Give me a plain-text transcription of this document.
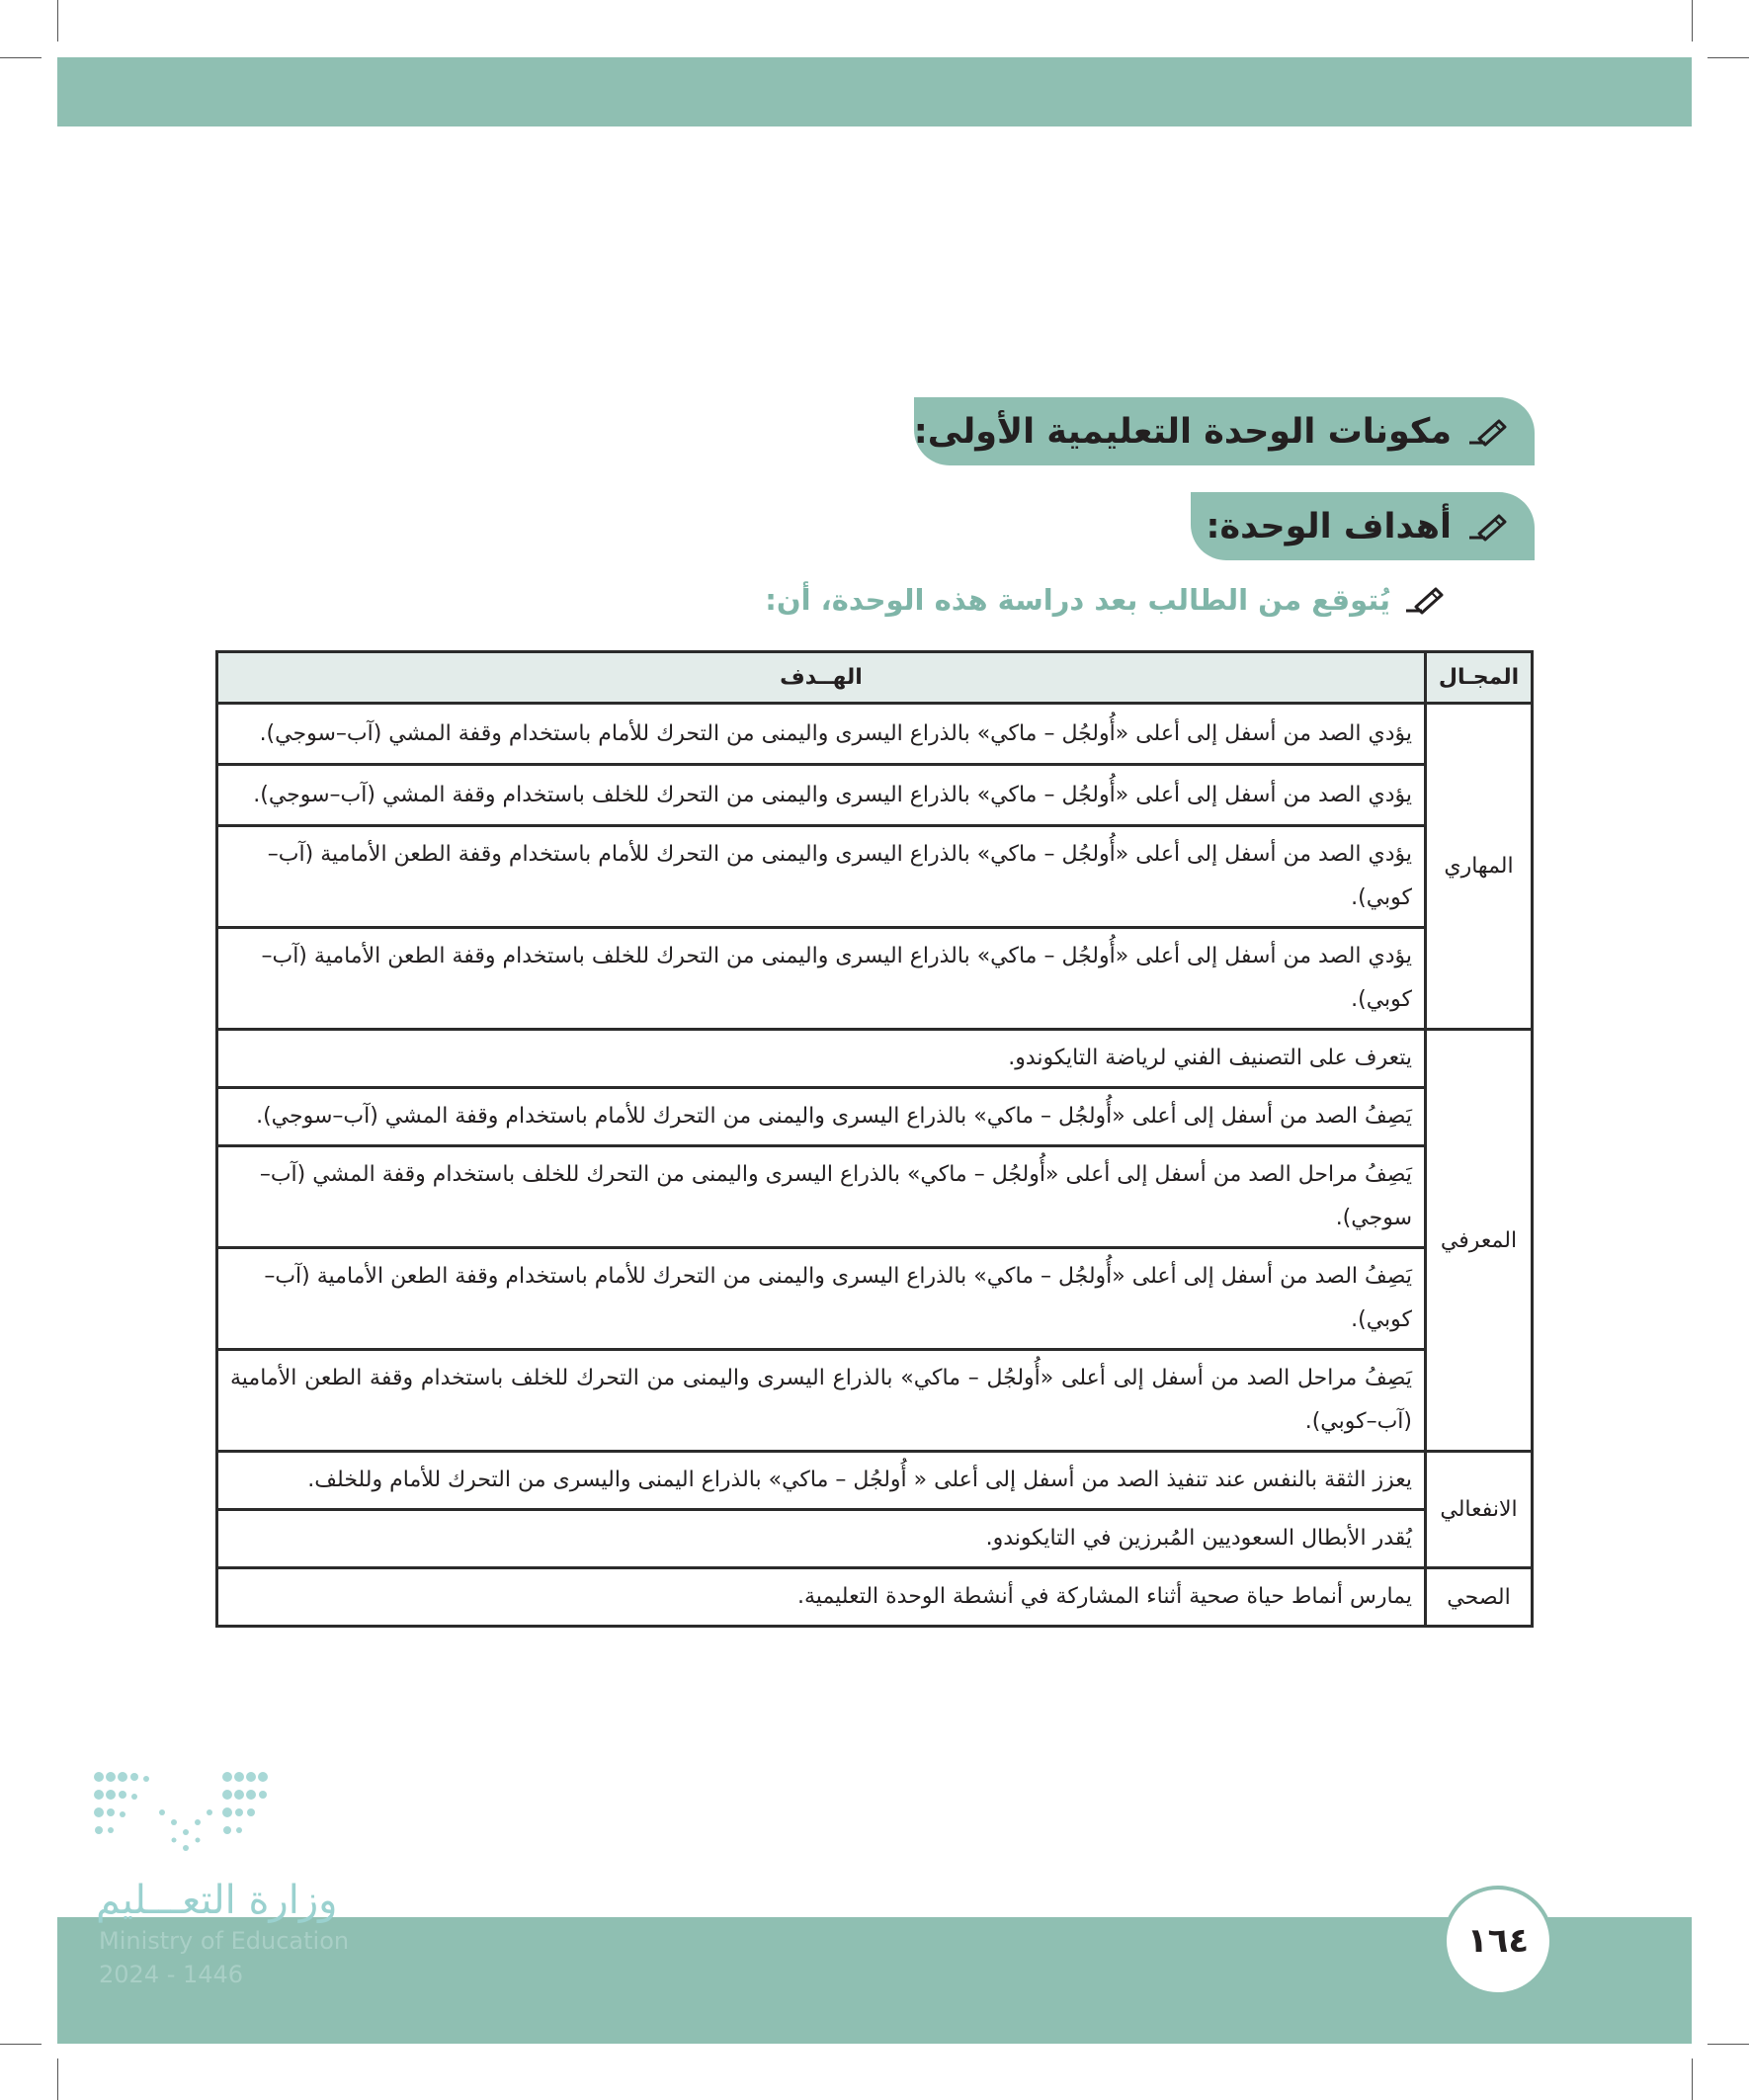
مكونات الوحدة التعليمية الأولى:
أهداف الوحدة:
يُتوقع من الطالب بعد دراسة هذه الوحدة، أن:
المجـال	الهــدف
المهاري	يؤدي الصد من أسفل إلى أعلى «أُولجُل – ماكي» بالذراع اليسرى واليمنى من التحرك للأمام باستخدام وقفة المشي (آب–سوجي).
	يؤدي الصد من أسفل إلى أعلى «أُولجُل – ماكي» بالذراع اليسرى واليمنى من التحرك للخلف باستخدام وقفة المشي (آب–سوجي).
	يؤدي الصد من أسفل إلى أعلى «أُولجُل – ماكي» بالذراع اليسرى واليمنى من التحرك للأمام باستخدام وقفة الطعن الأمامية (آب–كوبي).
	يؤدي الصد من أسفل إلى أعلى «أُولجُل – ماكي» بالذراع اليسرى واليمنى من التحرك للخلف باستخدام وقفة الطعن الأمامية (آب–كوبي).
المعرفي	يتعرف على التصنيف الفني لرياضة التايكوندو.
	يَصِفُ الصد من أسفل إلى أعلى «أُولجُل – ماكي» بالذراع اليسرى واليمنى من التحرك للأمام باستخدام وقفة المشي (آب–سوجي).
	يَصِفُ مراحل الصد من أسفل إلى أعلى «أُولجُل – ماكي» بالذراع اليسرى واليمنى من التحرك للخلف باستخدام وقفة المشي (آب–سوجي).
	يَصِفُ الصد من أسفل إلى أعلى «أُولجُل – ماكي» بالذراع اليسرى واليمنى من التحرك للأمام باستخدام وقفة الطعن الأمامية (آب–كوبي).
	يَصِفُ مراحل الصد من أسفل إلى أعلى «أُولجُل – ماكي» بالذراع اليسرى واليمنى من التحرك للخلف باستخدام وقفة الطعن الأمامية (آب–كوبي).
الانفعالي	يعزز الثقة بالنفس عند تنفيذ الصد من أسفل إلى أعلى « أُولجُل – ماكي» بالذراع اليمنى واليسرى من التحرك للأمام وللخلف.
	يُقدر الأبطال السعوديين المُبرزين في التايكوندو.
الصحي	يمارس أنماط حياة صحية أثناء المشاركة في أنشطة الوحدة التعليمية.
وزارة التعـــليم
Ministry of Education
2024 - 1446
١٦٤
